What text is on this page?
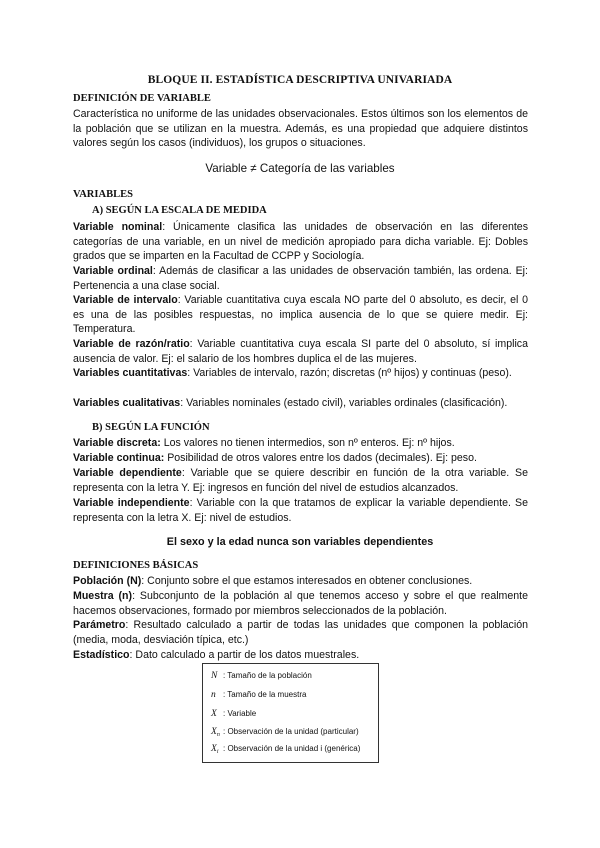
BLOQUE II. ESTADÍSTICA DESCRIPTIVA UNIVARIADA
DEFINICIÓN DE VARIABLE
Característica no uniforme de las unidades observacionales. Estos últimos son los elementos de la población que se utilizan en la muestra. Además, es una propiedad que adquiere distintos valores según los casos (individuos), los grupos o situaciones.
Variable ≠ Categoría de las variables
VARIABLES
A) SEGÚN LA ESCALA DE MEDIDA
Variable nominal: Únicamente clasifica las unidades de observación en las diferentes categorías de una variable, en un nivel de medición apropiado para dicha variable. Ej: Dobles grados que se imparten en la Facultad de CCPP y Sociología.
Variable ordinal: Además de clasificar a las unidades de observación también, las ordena. Ej: Pertenencia a una clase social.
Variable de intervalo: Variable cuantitativa cuya escala NO parte del 0 absoluto, es decir, el 0 es una de las posibles respuestas, no implica ausencia de lo que se quiere medir. Ej: Temperatura.
Variable de razón/ratio: Variable cuantitativa cuya escala SI parte del 0 absoluto, sí implica ausencia de valor. Ej: el salario de los hombres duplica el de las mujeres.
Variables cuantitativas: Variables de intervalo, razón; discretas (nº hijos) y continuas (peso).
Variables cualitativas: Variables nominales (estado civil), variables ordinales (clasificación).
B) SEGÚN LA FUNCIÓN
Variable discreta: Los valores no tienen intermedios, son nº enteros. Ej: nº hijos.
Variable continua: Posibilidad de otros valores entre los dados (decimales). Ej: peso.
Variable dependiente: Variable que se quiere describir en función de la otra variable. Se representa con la letra Y. Ej: ingresos en función del nivel de estudios alcanzados.
Variable independiente: Variable con la que tratamos de explicar la variable dependiente. Se representa con la letra X. Ej: nivel de estudios.
El sexo y la edad nunca son variables dependientes
DEFINICIONES BÁSICAS
Población (N): Conjunto sobre el que estamos interesados en obtener conclusiones.
Muestra (n): Subconjunto de la población al que tenemos acceso y sobre el que realmente hacemos observaciones, formado por miembros seleccionados de la población.
Parámetro: Resultado calculado a partir de todas las unidades que componen la población (media, moda, desviación típica, etc.)
Estadístico: Dato calculado a partir de los datos muestrales.
N : Tamaño de la población
n : Tamaño de la muestra
X : Variable
$X_n$ : Observación de la unidad (particular)
$X_i$ : Observación de la unidad i (genérica)
